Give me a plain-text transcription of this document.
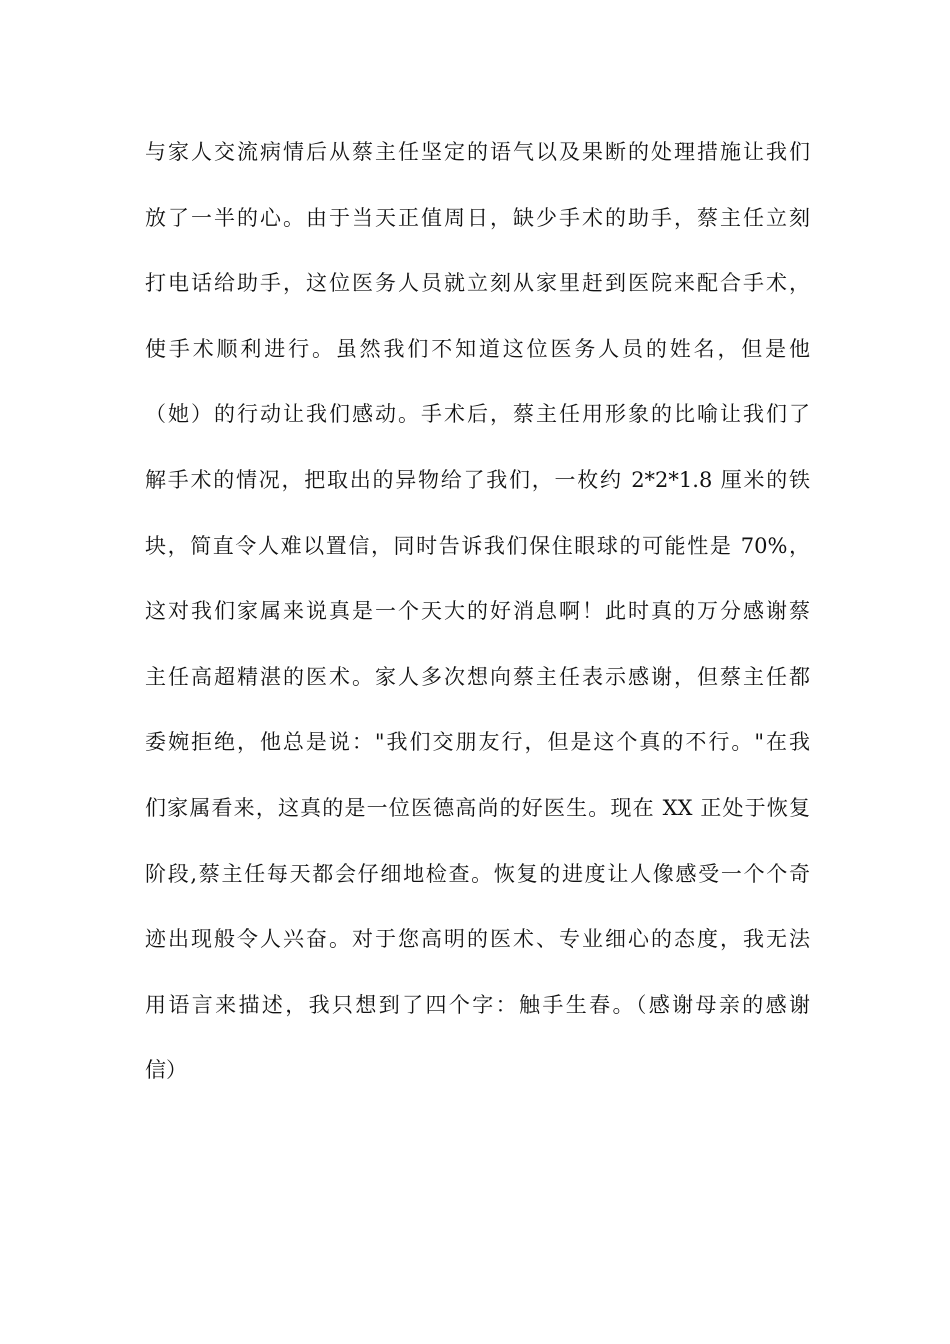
与家人交流病情后从蔡主任坚定的语气以及果断的处理措施让我们
放了一半的心。由于当天正值周日，缺少手术的助手，蔡主任立刻
打电话给助手，这位医务人员就立刻从家里赶到医院来配合手术，
使手术顺利进行。虽然我们不知道这位医务人员的姓名，但是他
（她）的行动让我们感动。手术后，蔡主任用形象的比喻让我们了
解手术的情况，把取出的异物给了我们，一枚约 2*2*1.8 厘米的铁
块，简直令人难以置信，同时告诉我们保住眼球的可能性是 70%，
这对我们家属来说真是一个天大的好消息啊！此时真的万分感谢蔡
主任高超精湛的医术。家人多次想向蔡主任表示感谢，但蔡主任都
委婉拒绝，他总是说："我们交朋友行，但是这个真的不行。"在我
们家属看来，这真的是一位医德高尚的好医生。现在 XX 正处于恢复
阶段,蔡主任每天都会仔细地检查。恢复的进度让人像感受一个个奇
迹出现般令人兴奋。对于您高明的医术、专业细心的态度，我无法
用语言来描述，我只想到了四个字：触手生春。（感谢母亲的感谢
信）
